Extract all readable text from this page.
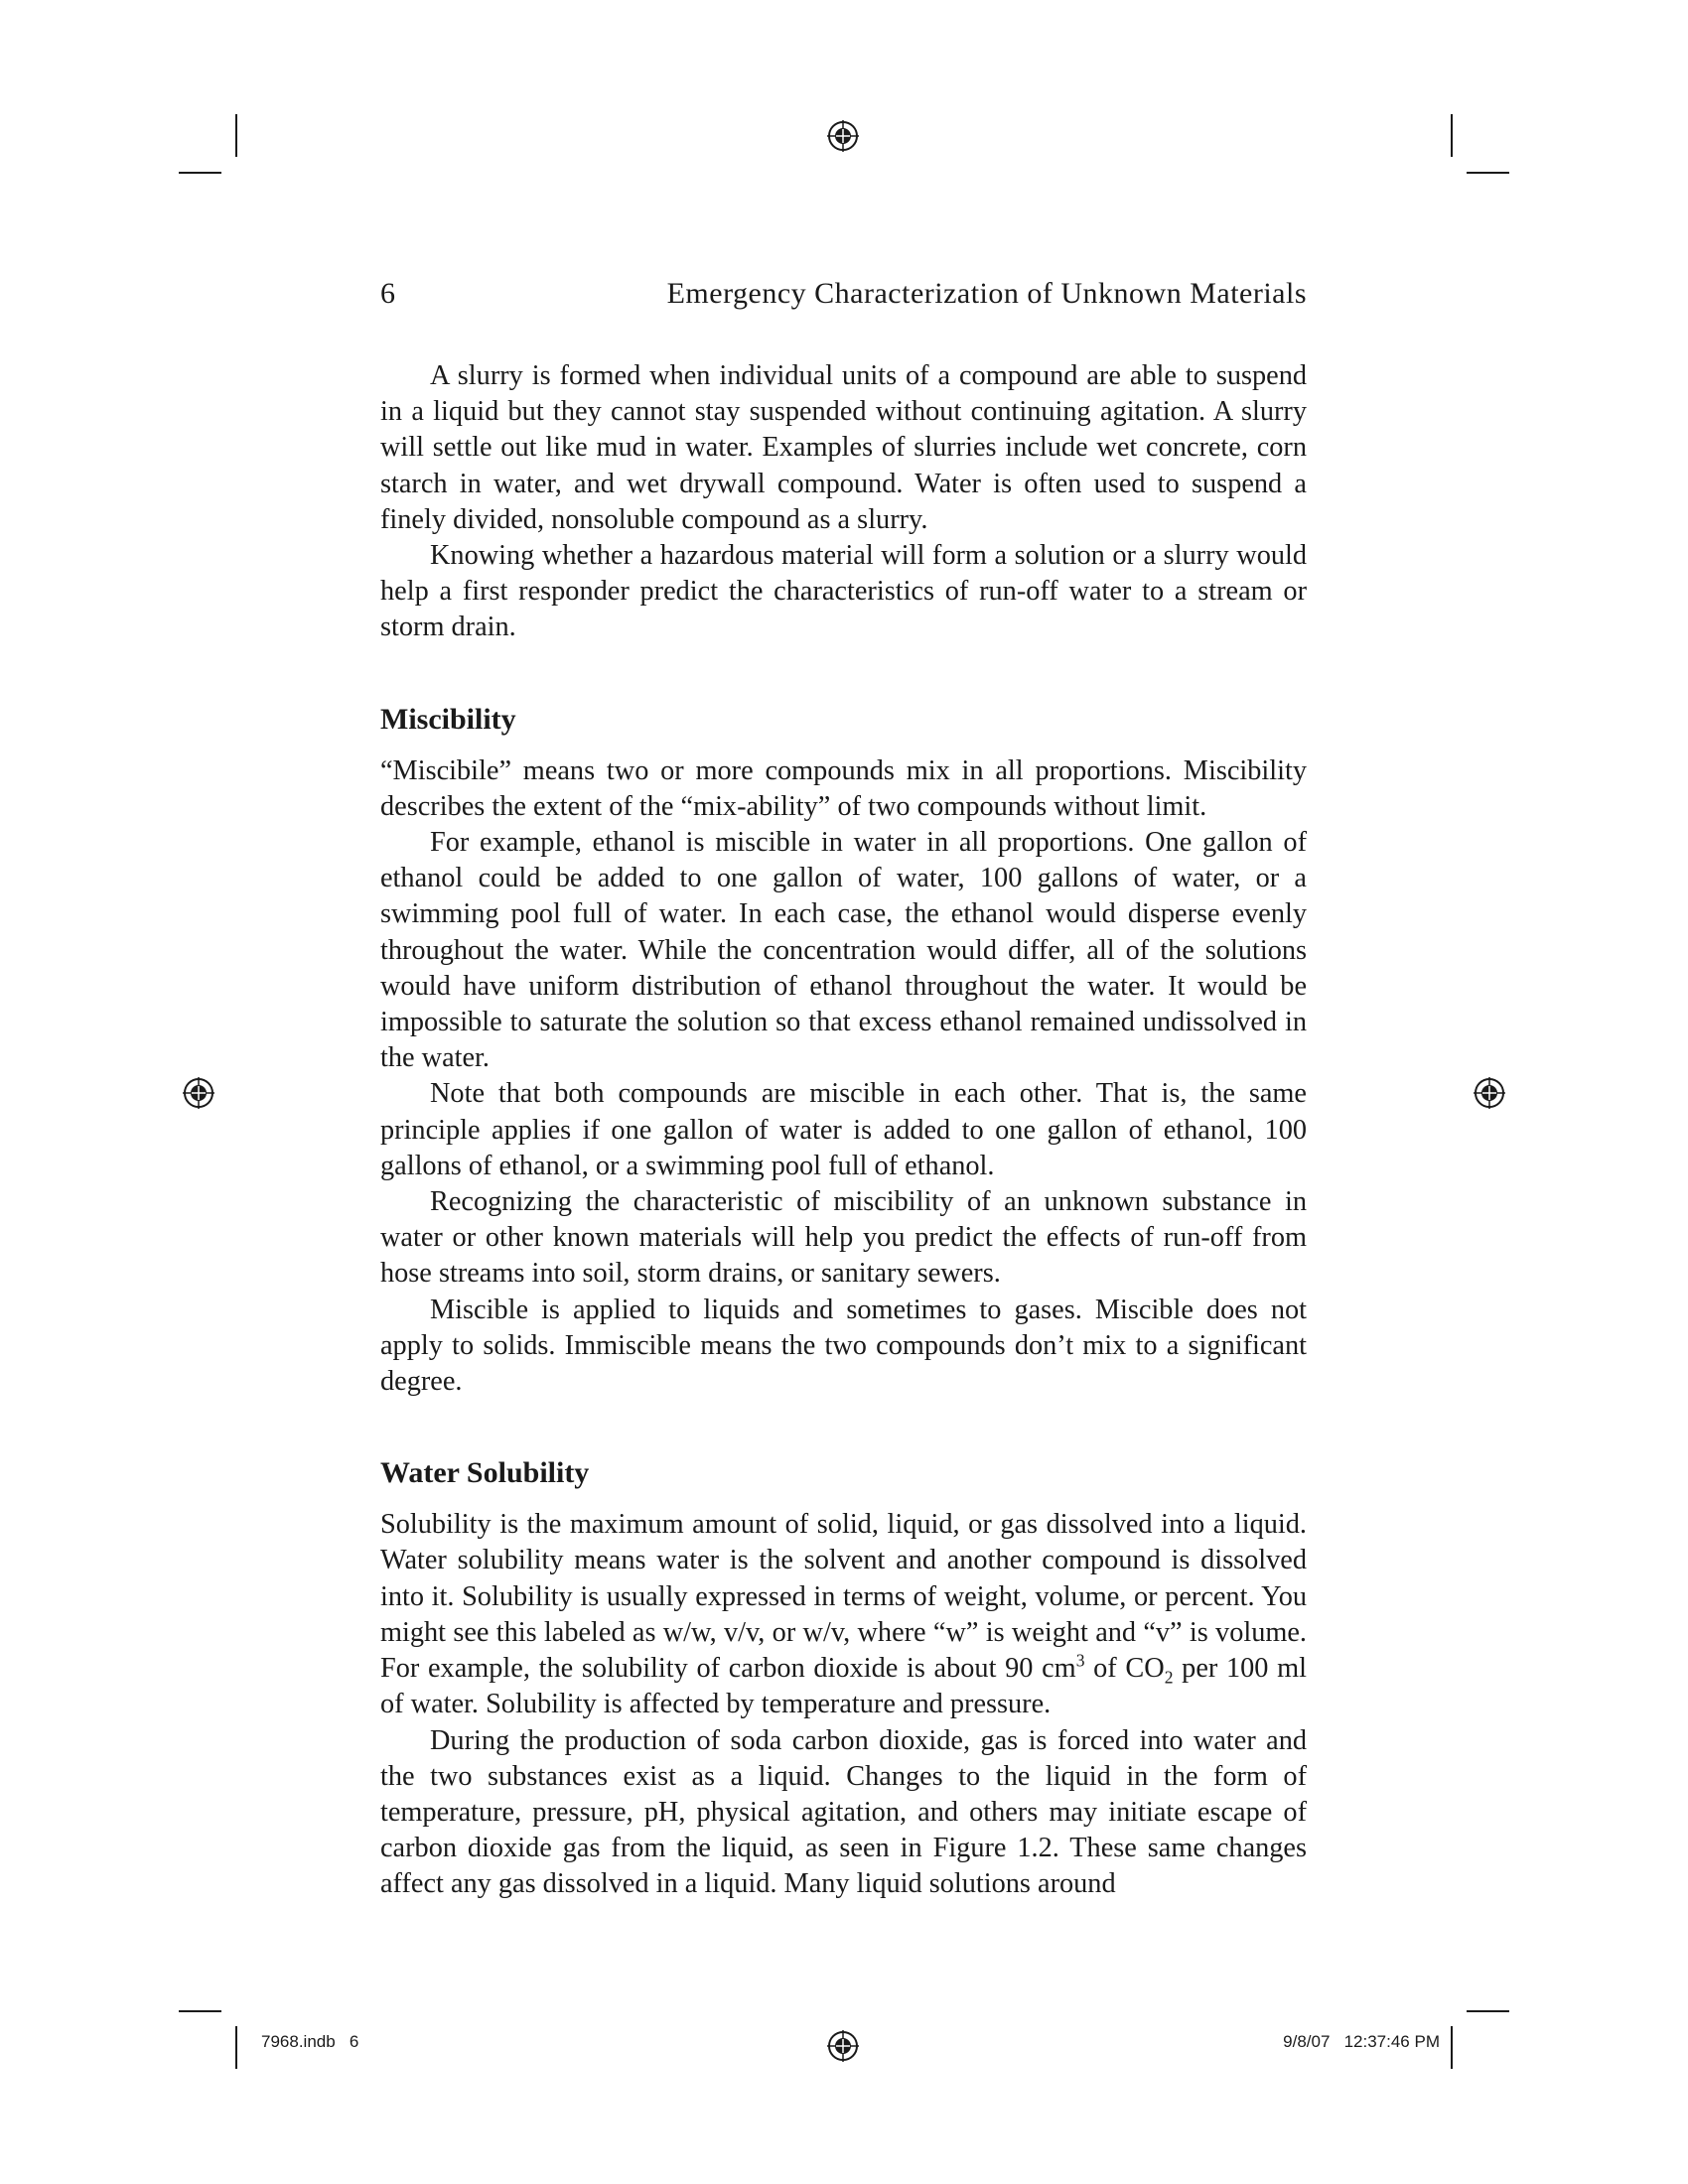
6	Emergency Characterization of Unknown Materials

A slurry is formed when individual units of a compound are able to suspend in a liquid but they cannot stay suspended without continuing agitation. A slurry will settle out like mud in water. Examples of slurries include wet concrete, corn starch in water, and wet drywall compound. Water is often used to suspend a finely divided, nonsoluble compound as a slurry.

Knowing whether a hazardous material will form a solution or a slurry would help a first responder predict the characteristics of run-off water to a stream or storm drain.

Miscibility

“Miscibile” means two or more compounds mix in all proportions. Miscibility describes the extent of the “mix-ability” of two compounds without limit.

For example, ethanol is miscible in water in all proportions. One gallon of ethanol could be added to one gallon of water, 100 gallons of water, or a swimming pool full of water. In each case, the ethanol would disperse evenly throughout the water. While the concentration would differ, all of the solutions would have uniform distribution of ethanol throughout the water. It would be impossible to saturate the solution so that excess ethanol remained undissolved in the water.

Note that both compounds are miscible in each other. That is, the same principle applies if one gallon of water is added to one gallon of ethanol, 100 gallons of ethanol, or a swimming pool full of ethanol.

Recognizing the characteristic of miscibility of an unknown substance in water or other known materials will help you predict the effects of run-off from hose streams into soil, storm drains, or sanitary sewers.

Miscible is applied to liquids and sometimes to gases. Miscible does not apply to solids. Immiscible means the two compounds don’t mix to a significant degree.

Water Solubility

Solubility is the maximum amount of solid, liquid, or gas dissolved into a liquid. Water solubility means water is the solvent and another compound is dissolved into it. Solubility is usually expressed in terms of weight, volume, or percent. You might see this labeled as w/w, v/v, or w/v, where “w” is weight and “v” is volume. For example, the solubility of carbon dioxide is about 90 $cm^3$ of $CO_2$ per 100 ml of water. Solubility is affected by temperature and pressure.

During the production of soda carbon dioxide, gas is forced into water and the two substances exist as a liquid. Changes to the liquid in the form of temperature, pressure, pH, physical agitation, and others may initiate escape of carbon dioxide gas from the liquid, as seen in Figure 1.2. These same changes affect any gas dissolved in a liquid. Many liquid solutions around

7968.indb   6	9/8/07   12:37:46 PM
